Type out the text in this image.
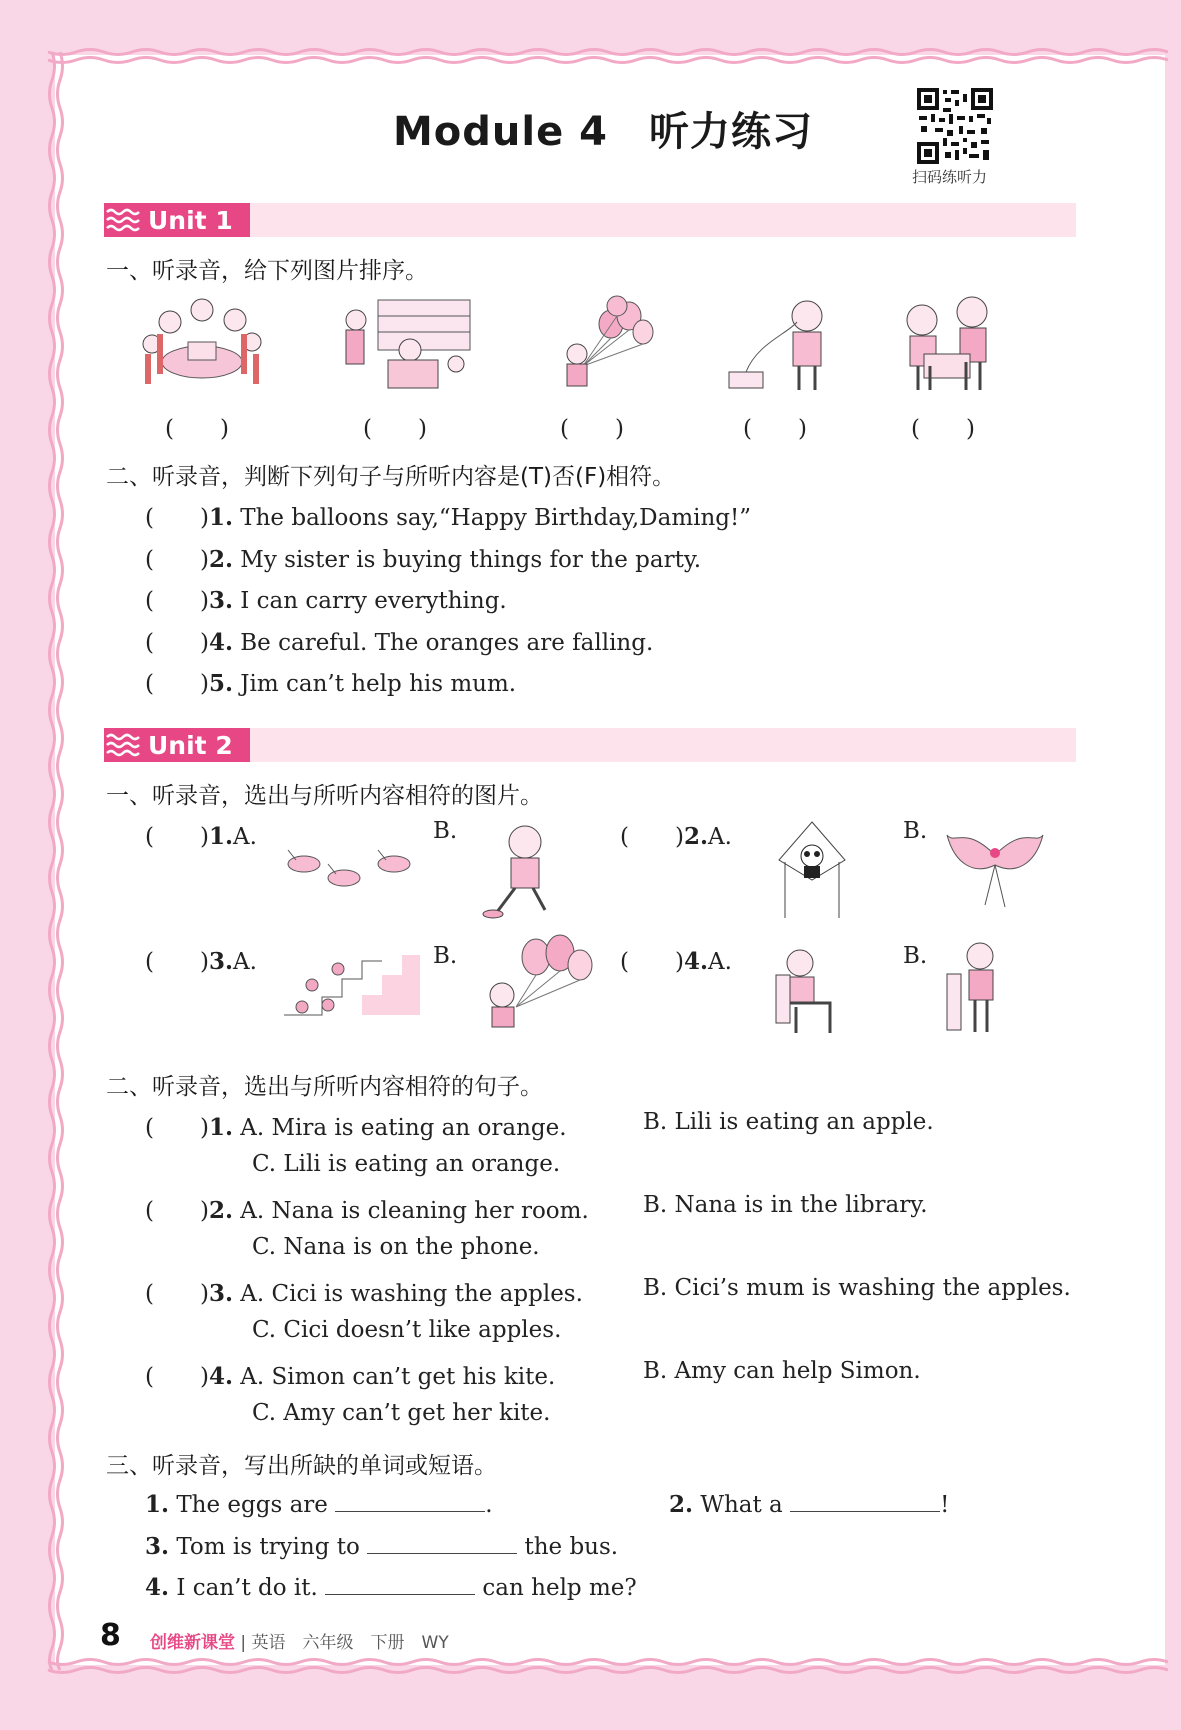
Module 4　听力练习
扫码练听力
Unit 1
一、听录音，给下列图片排序。
(　　)	(　　)	(　　)	(　　)	(　　)
二、听录音，判断下列句子与所听内容是(T)否(F)相符。
(　　)1. The balloons say,“Happy Birthday,Daming!”
(　　)2. My sister is buying things for the party.
(　　)3. I can carry everything.
(　　)4. Be careful. The oranges are falling.
(　　)5. Jim can’t help his mum.
Unit 2
一、听录音，选出与所听内容相符的图片。
(　　)1.A.	B.	(　　)2.A.	B.
(　　)3.A.	B.	(　　)4.A.	B.
二、听录音，选出与所听内容相符的句子。
(　　)1. A. Mira is eating an orange.	B. Lili is eating an apple.
C. Lili is eating an orange.
(　　)2. A. Nana is cleaning her room. B. Nana is in the library.
C. Nana is on the phone.
(　　)3. A. Cici is washing the apples.	B. Cici’s mum is washing the apples.
C. Cici doesn’t like apples.
(　　)4. A. Simon can’t get his kite.	B. Amy can help Simon.
C. Amy can’t get her kite.
三、听录音，写出所缺的单词或短语。
1. The eggs are	.	2. What a	!
3. Tom is trying to	the bus.
4. I can’t do it.	can help me?
8 创维新课堂 | 英语　六年级　下册　WY
